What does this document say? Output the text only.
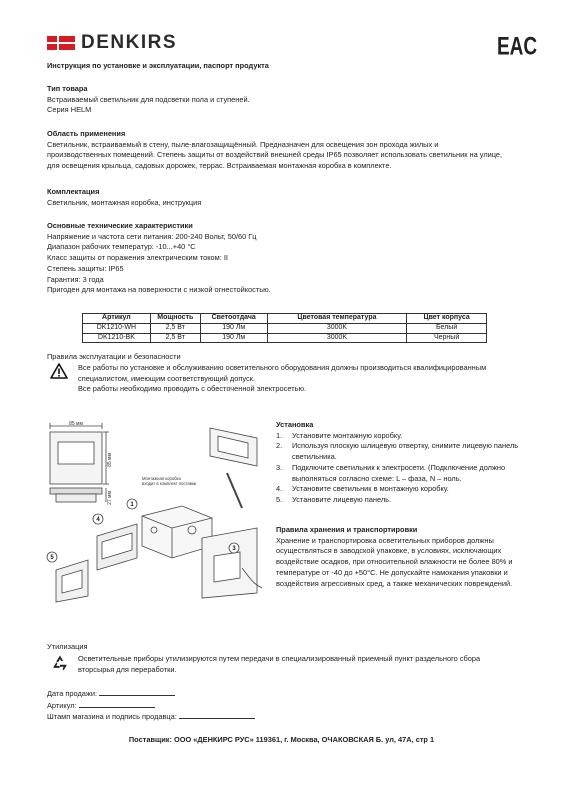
DENKIRS	EAC
Инструкция по установке и эксплуатации, паспорт продукта
Тип товара
Встраиваемый светильник для подсветки пола и ступеней.
Серия HELM
Область применения
Светильник, встраиваемый в стену, пыле-влагозащищённый. Предназначен для освещения зон прохода жилых и
производственных помещений. Степень защиты от воздействий внешней среды IP65 позволяет использовать светильник на улице,
для освещения крыльца, садовых дорожек, террас. Встраиваемая монтажная коробка в комплекте.
Комплектация
Светильник, монтажная коробка, инструкция
Основные технические характеристики
Напряжение и частота сети питания: 200-240 Вольт, 50/60 Гц
Диапазон рабочих температур: -10...+40 °С
Класс защиты от поражения электрическим током: II
Степень защиты: IP65
Гарантия: 3 года
Пригоден для монтажа на поверхности с низкой огнестойкостью.
Артикул	Мощность	Светоотдача	Цветовая температура	Цвет корпуса
DK1210-WH	2,5 Вт	190 Лм	3000K	Белый
DK1210-BK	2,5 Вт	190 Лм	3000K	Черный
Правила эксплуатации и безопасности
Все работы по установке и обслуживанию осветительного оборудования должны производиться квалифицированным
специалистом, имеющим соответствующий допуск.
Все работы необходимо проводить с обесточенной электросетью.
85 мм
85 мм
27 мм
Монтажная коробка
входит в комплект поставки
1
3
4
5
Установка
1.	Установите монтажную коробку.
2.	Используя плоскую шлицевую отвертку, снимите лицевую панель
светильника.
3.	Подключите светильник к электросети. (Подключение должно
выполняться согласно схеме: L – фаза, N – ноль.
4.	Установите светильник в монтажную коробку.
5.	Установите лицевую панель.
Правила хранения и транспортировки
Хранение и транспортировка осветительных приборов должны
осуществляться в заводской упаковке, в условиях, исключающих
воздействие осадков, при относительной влажности не более 80% и
температуре от -40 до +50°С. Не допускайте намокания упаковки и
воздействия агрессивных сред, а также механических повреждений.
Утилизация
Осветительные приборы утилизируются путем передачи в специализированный приемный пункт раздельного сбора
вторсырья для переработки.
Дата продажи:
Артикул:
Штамп магазина и подпись продавца:
Поставщик: ООО «ДЕНКИРС РУС» 119361, г. Москва, ОЧАКОВСКАЯ Б. ул, 47А, стр 1
